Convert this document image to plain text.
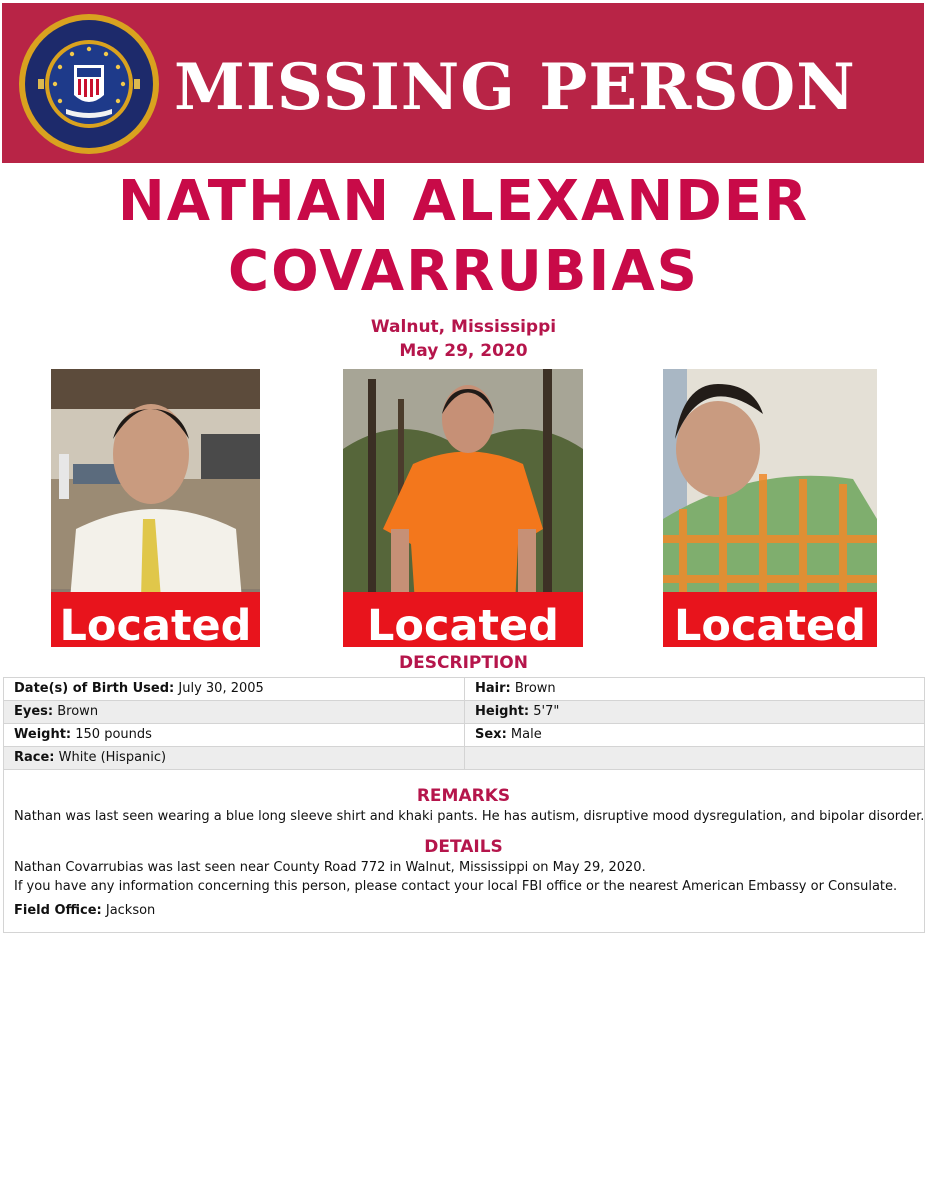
MISSING PERSON
NATHAN ALEXANDER
COVARRUBIAS
Walnut, Mississippi
May 29, 2020
Located	Located	Located
DESCRIPTION
Date(s) of Birth Used: July 30, 2005	Hair: Brown
Eyes: Brown	Height: 5'7"
Weight: 150 pounds	Sex: Male
Race: White (Hispanic)	
REMARKS
Nathan was last seen wearing a blue long sleeve shirt and khaki pants. He has autism, disruptive mood dysregulation, and bipolar disorder.
DETAILS
Nathan Covarrubias was last seen near County Road 772 in Walnut, Mississippi on May 29, 2020.
If you have any information concerning this person, please contact your local FBI office or the nearest American Embassy or Consulate.
Field Office: Jackson
